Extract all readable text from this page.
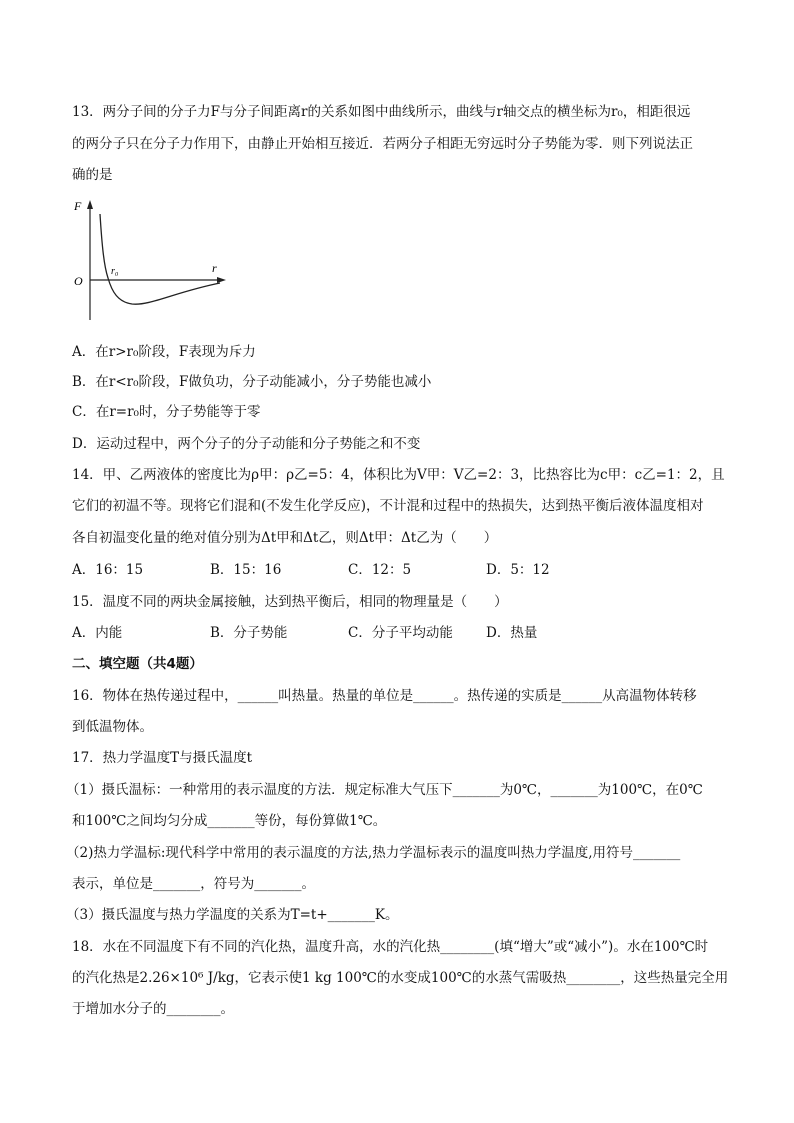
13．两分子间的分子力F与分子间距离r的关系如图中曲线所示，曲线与r轴交点的横坐标为r₀，相距很远
的两分子只在分子力作用下，由静止开始相互接近．若两分子相距无穷远时分子势能为零．则下列说法正
确的是
F
r
O
r₀
A．在r>r₀阶段，F表现为斥力
B．在r<r₀阶段，F做负功，分子动能减小，分子势能也减小
C．在r=r₀时，分子势能等于零
D．运动过程中，两个分子的分子动能和分子势能之和不变
14．甲、乙两液体的密度比为ρ甲：ρ乙=5：4，体积比为V甲：V乙=2：3，比热容比为c甲：c乙=1：2，且
它们的初温不等。现将它们混和(不发生化学反应)，不计混和过程中的热损失，达到热平衡后液体温度相对
各自初温变化量的绝对值分别为Δt甲和Δt乙，则Δt甲：Δt乙为（　　）
A．16：15	B．15：16	C．12：5	D．5：12
15．温度不同的两块金属接触，达到热平衡后，相同的物理量是（　　）
A．内能	B．分子势能	C．分子平均动能 D．热量
二、填空题（共4题）
16．物体在热传递过程中，______叫热量。热量的单位是______。热传递的实质是______从高温物体转移
到低温物体。
17．热力学温度T与摄氏温度t
（1）摄氏温标：一种常用的表示温度的方法．规定标准大气压下_______为0℃，_______为100℃，在0℃
和100℃之间均匀分成_______等份，每份算做1℃。
（2)热力学温标:现代科学中常用的表示温度的方法,热力学温标表示的温度叫热力学温度,用符号_______
表示，单位是_______，符号为_______。
（3）摄氏温度与热力学温度的关系为T=t+_______K。
18．水在不同温度下有不同的汽化热，温度升高，水的汽化热________(填“增大”或“减小”)。水在100℃时
的汽化热是2.26×10⁶ J/kg，它表示使1 kg 100℃的水变成100℃的水蒸气需吸热________，这些热量完全用
于增加水分子的________。
